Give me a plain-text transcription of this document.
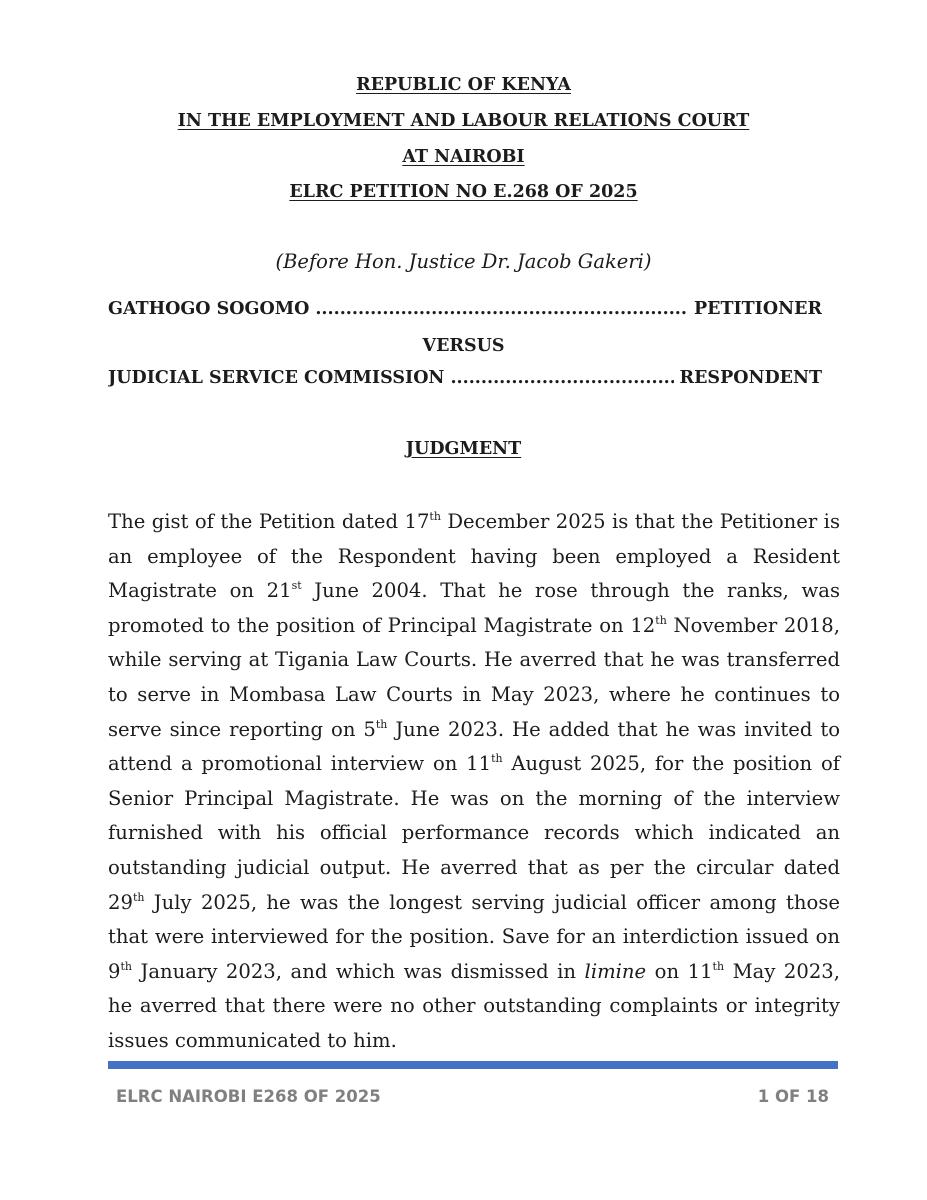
REPUBLIC OF KENYA
IN THE EMPLOYMENT AND LABOUR RELATIONS COURT
AT NAIROBI
ELRC PETITION NO E.268 OF 2025
(Before Hon. Justice Dr. Jacob Gakeri)
GATHOGO SOGOMO .....	PETITIONER
VERSUS
JUDICIAL SERVICE COMMISSION .....	RESPONDENT
JUDGMENT

The gist of the Petition dated 17th December 2025 is that the Petitioner is an employee of the Respondent having been employed a Resident Magistrate on 21st June 2004. That he rose through the ranks, was promoted to the position of Principal Magistrate on 12th November 2018, while serving at Tigania Law Courts. He averred that he was transferred to serve in Mombasa Law Courts in May 2023, where he continues to serve since reporting on 5th June 2023. He added that he was invited to attend a promotional interview on 11th August 2025, for the position of Senior Principal Magistrate. He was on the morning of the interview furnished with his official performance records which indicated an outstanding judicial output. He averred that as per the circular dated 29th July 2025, he was the longest serving judicial officer among those that were interviewed for the position. Save for an interdiction issued on 9th January 2023, and which was dismissed in limine on 11th May 2023, he averred that there were no other outstanding complaints or integrity issues communicated to him.

ELRC NAIROBI E268 OF 2025	1 OF 18
